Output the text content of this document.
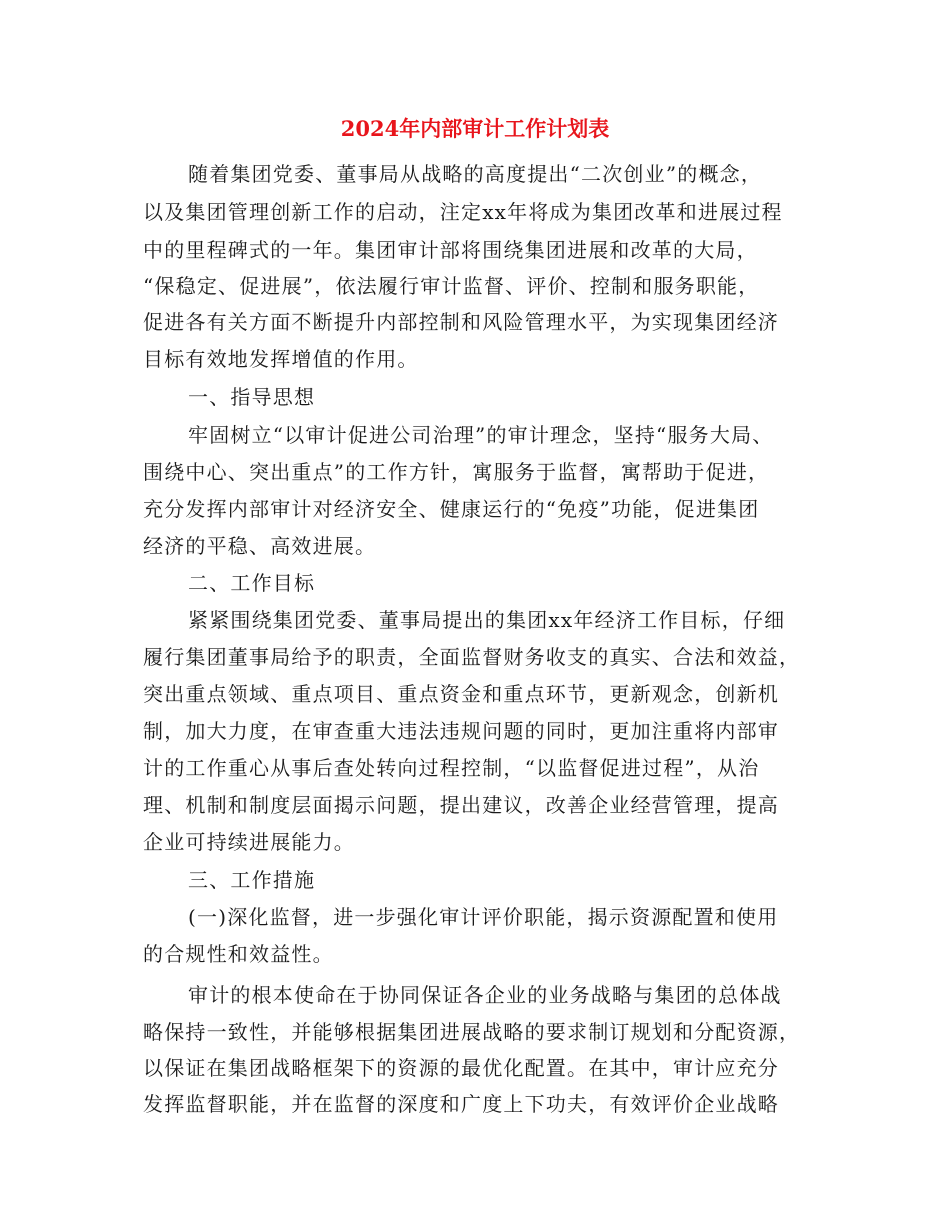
2024年内部审计工作计划表
随着集团党委、董事局从战略的高度提出“二次创业”的概念，
以及集团管理创新工作的启动，注定xx年将成为集团改革和进展过程
中的里程碑式的一年。集团审计部将围绕集团进展和改革的大局，
“保稳定、促进展”，依法履行审计监督、评价、控制和服务职能，
促进各有关方面不断提升内部控制和风险管理水平，为实现集团经济
目标有效地发挥增值的作用。
一、指导思想
牢固树立“以审计促进公司治理”的审计理念，坚持“服务大局、
围绕中心、突出重点”的工作方针，寓服务于监督，寓帮助于促进，
充分发挥内部审计对经济安全、健康运行的“免疫”功能，促进集团
经济的平稳、高效进展。
二、工作目标
紧紧围绕集团党委、董事局提出的集团xx年经济工作目标，仔细
履行集团董事局给予的职责，全面监督财务收支的真实、合法和效益，
突出重点领域、重点项目、重点资金和重点环节，更新观念，创新机
制，加大力度，在审查重大违法违规问题的同时，更加注重将内部审
计的工作重心从事后查处转向过程控制，“以监督促进过程”，从治
理、机制和制度层面揭示问题，提出建议，改善企业经营管理，提高
企业可持续进展能力。
三、工作措施
(一)深化监督，进一步强化审计评价职能，揭示资源配置和使用
的合规性和效益性。
审计的根本使命在于协同保证各企业的业务战略与集团的总体战
略保持一致性，并能够根据集团进展战略的要求制订规划和分配资源，
以保证在集团战略框架下的资源的最优化配置。在其中，审计应充分
发挥监督职能，并在监督的深度和广度上下功夫，有效评价企业战略
